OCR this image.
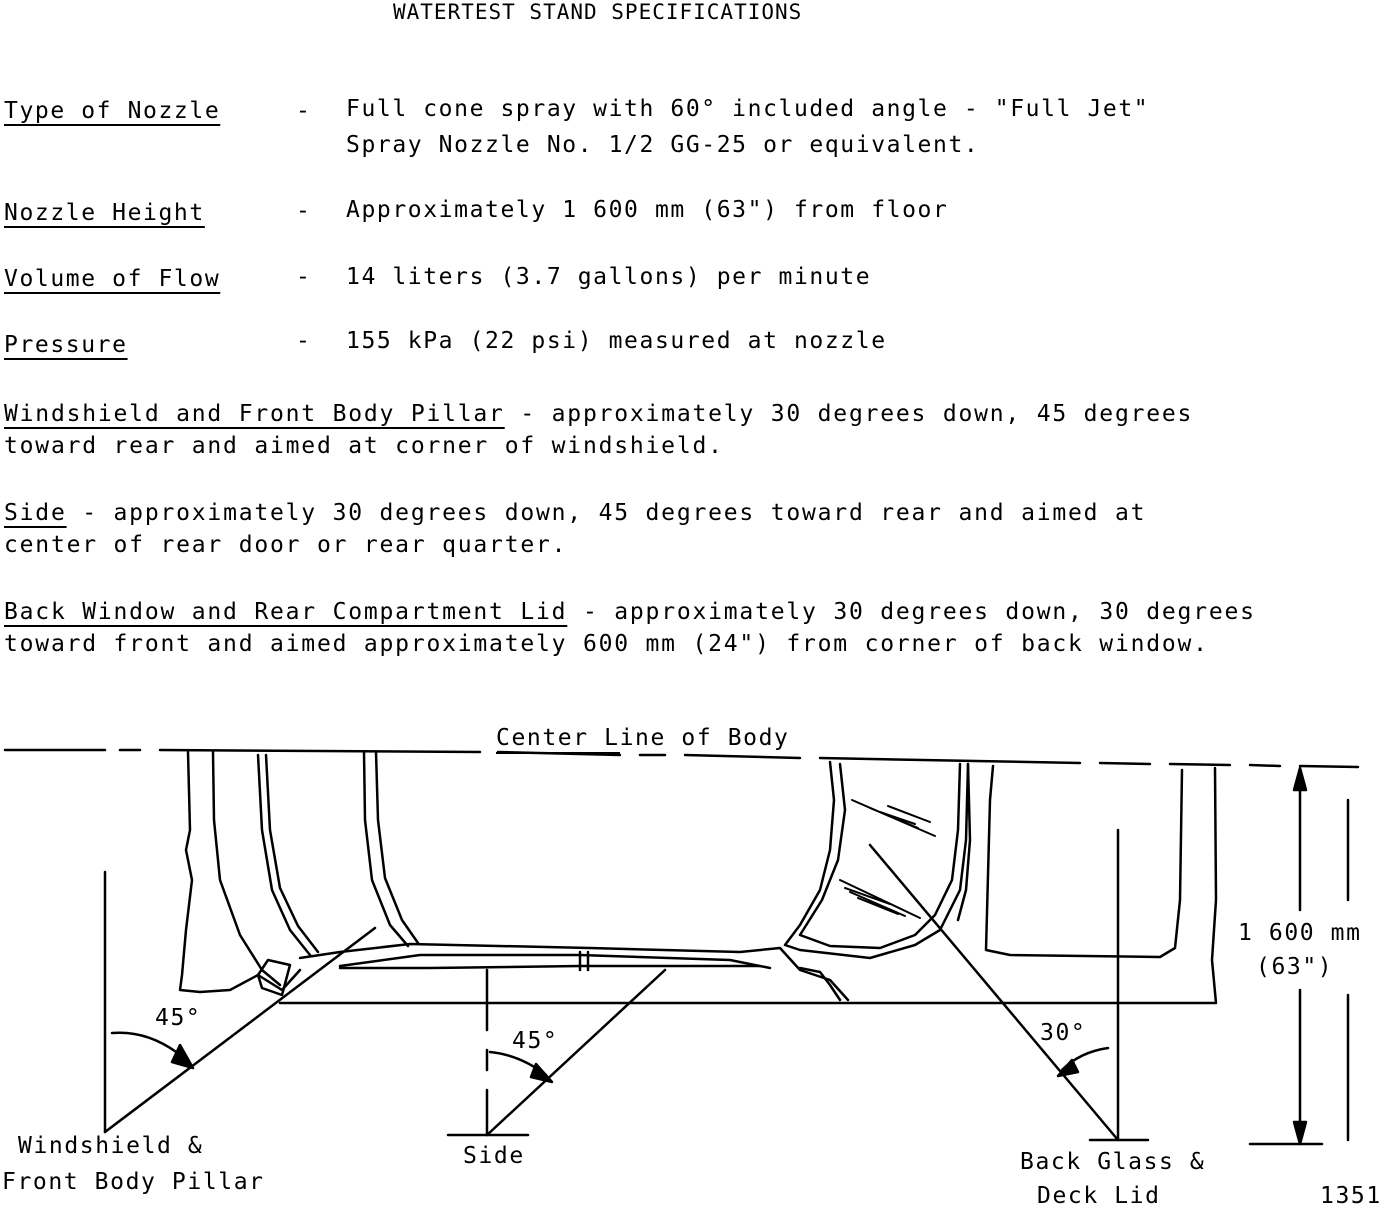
WATERTEST STAND SPECIFICATIONS
Type of Nozzle	- Full cone spray with 60° included angle - "Full Jet"
Spray Nozzle No. 1/2 GG-25 or equivalent.
Nozzle Height	- Approximately 1 600 mm (63") from floor
Volume of Flow	- 14 liters (3.7 gallons) per minute
Pressure	- 155 kPa (22 psi) measured at nozzle
Windshield and Front Body Pillar - approximately 30 degrees down, 45 degrees
toward rear and aimed at corner of windshield.
Side - approximately 30 degrees down, 45 degrees toward rear and aimed at
center of rear door or rear quarter.
Back Window and Rear Compartment Lid - approximately 30 degrees down, 30 degrees
toward front and aimed approximately 600 mm (24") from corner of back window.
Center Line of Body
45°
45°	30°
1 600 mm
(63")
Windshield &
Front Body Pillar
Side	Back Glass &
Deck Lid	1351
